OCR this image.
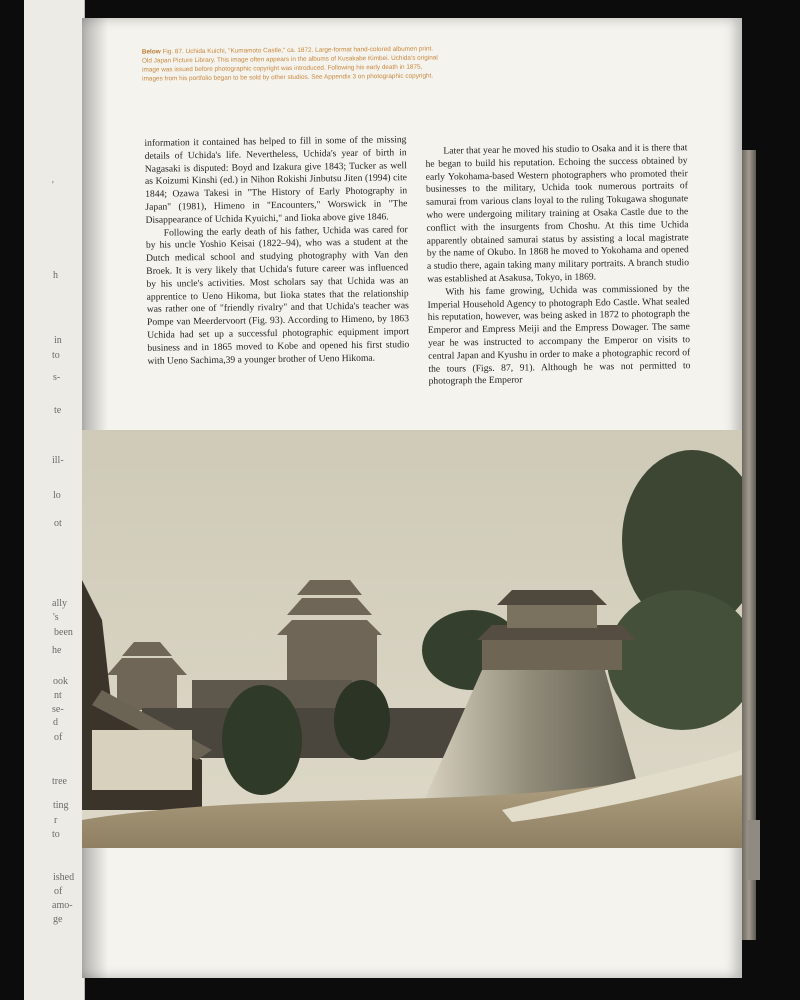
'
h
in
to
s-
te
ill-
lo
ot
ally
's
been
he
ook
nt
se-
d
of
tree
ting
r
to
ished
of
amo-
ge
Below Fig. 87. Uchida Kuichi, "Kumamoto Castle," ca. 1872. Large-format hand-colored albumen print. Old Japan Picture Library. This image often appears in the albums of Kusakabe Kimbei. Uchida's original image was issued before photographic copyright was introduced. Following his early death in 1875, images from his portfolio began to be sold by other studios. See Appendix 3 on photographic copyright.

information it contained has helped to fill in some of the missing details of Uchida's life. Nevertheless, Uchida's year of birth in Nagasaki is disputed: Boyd and Izakura give 1843; Tucker as well as Koizumi Kinshi (ed.) in Nihon Rokishi Jinbutsu Jiten (1994) cite 1844; Ozawa Takesi in "The History of Early Photography in Japan" (1981), Himeno in "Encounters," Worswick in "The Disappearance of Uchida Kyuichi," and Iioka above give 1846.

Following the early death of his father, Uchida was cared for by his uncle Yoshio Keisai (1822–94), who was a student at the Dutch medical school and studying photography with Van den Broek. It is very likely that Uchida's future career was influenced by his uncle's activities. Most scholars say that Uchida was an apprentice to Ueno Hikoma, but Iioka states that the relationship was rather one of "friendly rivalry" and that Uchida's teacher was Pompe van Meerdervoort (Fig. 93). According to Himeno, by 1863 Uchida had set up a successful photographic equipment import business and in 1865 moved to Kobe and opened his first studio with Ueno Sachima,39 a younger brother of Ueno Hikoma.

Later that year he moved his studio to Osaka and it is there that he began to build his reputation. Echoing the success obtained by early Yokohama-based Western photographers who promoted their businesses to the military, Uchida took numerous portraits of samurai from various clans loyal to the ruling Tokugawa shogunate who were undergoing military training at Osaka Castle due to the conflict with the insurgents from Choshu. At this time Uchida apparently obtained samurai status by assisting a local magistrate by the name of Okubo. In 1868 he moved to Yokohama and opened a studio there, again taking many military portraits. A branch studio was established at Asakusa, Tokyo, in 1869.

With his fame growing, Uchida was commissioned by the Imperial Household Agency to photograph Edo Castle. What sealed his reputation, however, was being asked in 1872 to photograph the Emperor and Empress Meiji and the Empress Dowager. The same year he was instructed to accompany the Emperor on visits to central Japan and Kyushu in order to make a photographic record of the tours (Figs. 87, 91). Although he was not permitted to photograph the Emperor
